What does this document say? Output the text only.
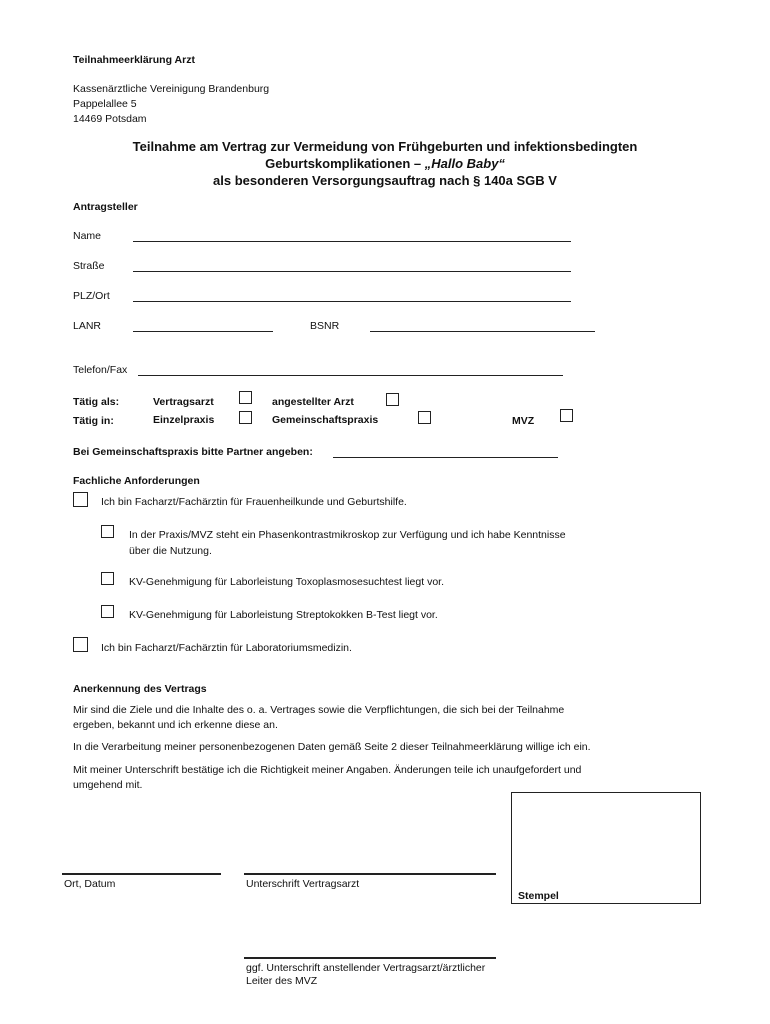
Teilnahmeerklärung Arzt
Kassenärztliche Vereinigung Brandenburg
Pappelallee 5
14469 Potsdam
Teilnahme am Vertrag zur Vermeidung von Frühgeburten und infektionsbedingten
Geburtskomplikationen – „Hallo Baby“
als besonderen Versorgungsauftrag nach § 140a SGB V
Antragsteller
Name
Straße
PLZ/Ort
LANR	BSNR
Telefon/Fax
Tätig als:	Vertragsarzt	angestellter Arzt
Tätig in:	Einzelpraxis	Gemeinschaftspraxis	MVZ
Bei Gemeinschaftspraxis bitte Partner angeben:
Fachliche Anforderungen
Ich bin Facharzt/Fachärztin für Frauenheilkunde und Geburtshilfe.
In der Praxis/MVZ steht ein Phasenkontrastmikroskop zur Verfügung und ich habe Kenntnisse
über die Nutzung.
KV-Genehmigung für Laborleistung Toxoplasmosesuchtest liegt vor.
KV-Genehmigung für Laborleistung Streptokokken B-Test liegt vor.
Ich bin Facharzt/Fachärztin für Laboratoriumsmedizin.
Anerkennung des Vertrags
Mir sind die Ziele und die Inhalte des o. a. Vertrages sowie die Verpflichtungen, die sich bei der Teilnahme
ergeben, bekannt und ich erkenne diese an.
In die Verarbeitung meiner personenbezogenen Daten gemäß Seite 2 dieser Teilnahmeerklärung willige ich ein.
Mit meiner Unterschrift bestätige ich die Richtigkeit meiner Angaben. Änderungen teile ich unaufgefordert und
umgehend mit.
Stempel
Ort, Datum	Unterschrift Vertragsarzt
ggf. Unterschrift anstellender Vertragsarzt/ärztlicher
Leiter des MVZ
